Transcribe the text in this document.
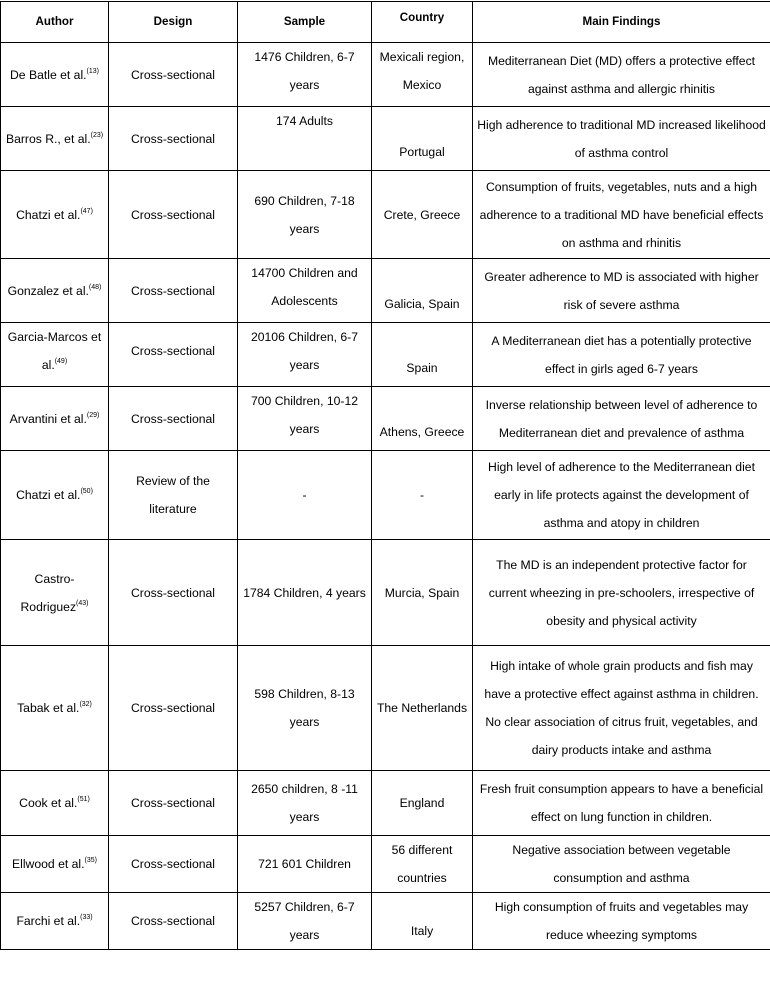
Author	Design	Sample	Country	Main Findings
De Batle et al.$^{(13)}$	Cross-sectional	1476 Children, 6-7 years	Mexicali region, Mexico	Mediterranean Diet (MD) offers a protective effect against asthma and allergic rhinitis
Barros R., et al.$^{(23)}$	Cross-sectional	174 Adults	Portugal	High adherence to traditional MD increased likelihood of asthma control
Chatzi et al.$^{(47)}$	Cross-sectional	690 Children, 7-18 years	Crete, Greece	Consumption of fruits, vegetables, nuts and a high adherence to a traditional MD have beneficial effects on asthma and rhinitis
Gonzalez et al.$^{(48)}$	Cross-sectional	14700 Children and Adolescents	Galicia, Spain	Greater adherence to MD is associated with higher risk of severe asthma
Garcia-Marcos et al.$^{(49)}$	Cross-sectional	20106 Children, 6-7 years	Spain	A Mediterranean diet has a potentially protective effect in girls aged 6-7 years
Arvantini et al.$^{(29)}$	Cross-sectional	700 Children, 10-12 years	Athens, Greece	Inverse relationship between level of adherence to Mediterranean diet and prevalence of asthma
Chatzi et al.$^{(50)}$	Review of the literature	-	-	High level of adherence to the Mediterranean diet early in life protects against the development of asthma and atopy in children
Castro-Rodriguez$^{(43)}$	Cross-sectional	1784 Children, 4 years	Murcia, Spain	The MD is an independent protective factor for current wheezing in pre-schoolers, irrespective of obesity and physical activity
Tabak et al.$^{(32)}$	Cross-sectional	598 Children, 8-13 years	The Netherlands	High intake of whole grain products and fish may have a protective effect against asthma in children. No clear association of citrus fruit, vegetables, and dairy products intake and asthma
Cook et al.$^{(51)}$	Cross-sectional	2650 children, 8 -11 years	England	Fresh fruit consumption appears to have a beneficial effect on lung function in children.
Ellwood et al.$^{(35)}$	Cross-sectional	721 601 Children	56 different countries	Negative association between vegetable consumption and asthma
Farchi et al.$^{(33)}$	Cross-sectional	5257 Children, 6-7 years	Italy	High consumption of fruits and vegetables may reduce wheezing symptoms
